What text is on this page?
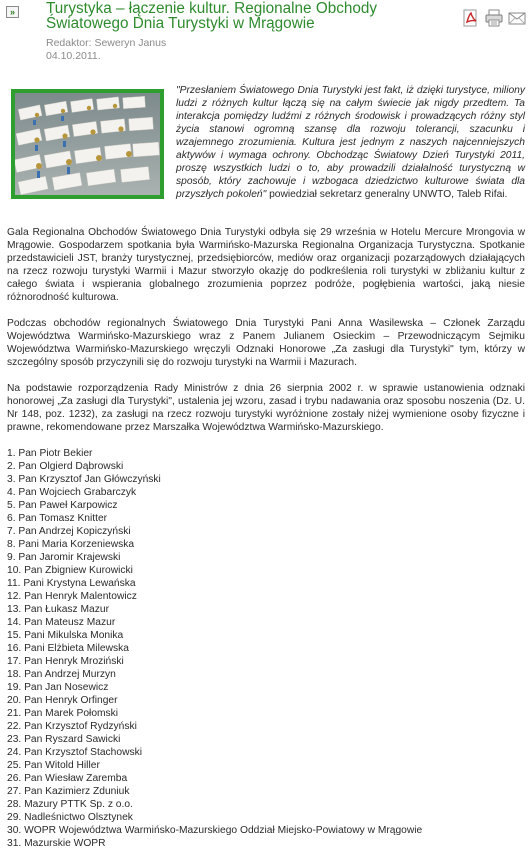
» Turystyka – łączenie kultur. Regionalne Obchody Światowego Dnia Turystyki w Mrągowie
Redaktor: Seweryn Janus
04.10.2011.

"Przesłaniem Światowego Dnia Turystyki jest fakt, iż dzięki turystyce, miliony ludzi z różnych kultur łączą się na całym świecie jak nigdy przedtem. Ta interakcja pomiędzy ludźmi z różnych środowisk i prowadzących różny styl życia stanowi ogromną szansę dla rozwoju tolerancji, szacunku i wzajemnego zrozumienia. Kultura jest jednym z naszych najcenniejszych aktywów i wymaga ochrony. Obchodząc Światowy Dzień Turystyki 2011, proszę wszystkich ludzi o to, aby prowadzili działalność turystyczną w sposób, który zachowuje i wzbogaca dziedzictwo kulturowe świata dla przyszłych pokoleń" powiedział sekretarz generalny UNWTO, Taleb Rifai.

Gala Regionalna Obchodów Światowego Dnia Turystyki odbyła się 29 września w Hotelu Mercure Mrongovia w Mrągowie. Gospodarzem spotkania była Warmińsko-Mazurska Regionalna Organizacja Turystyczna. Spotkanie przedstawicieli JST, branży turystycznej, przedsiębiorców, mediów oraz organizacji pozarządowych działających na rzecz rozwoju turystyki Warmii i Mazur stworzyło okazję do podkreślenia roli turystyki w zbliżaniu kultur z całego świata i wspierania globalnego zrozumienia poprzez podróże, pogłębienia wartości, jaką niesie różnorodność kulturowa.

Podczas obchodów regionalnych Światowego Dnia Turystyki Pani Anna Wasilewska – Członek Zarządu Województwa Warmińsko-Mazurskiego wraz z Panem Julianem Osieckim – Przewodniczącym Sejmiku Województwa Warmińsko-Mazurskiego wręczyli Odznaki Honorowe „Za zasługi dla Turystyki" tym, którzy w szczególny sposób przyczynili się do rozwoju turystyki na Warmii i Mazurach.

Na podstawie rozporządzenia Rady Ministrów z dnia 26 sierpnia 2002 r. w sprawie ustanowienia odznaki honorowej „Za zasługi dla Turystyki", ustalenia jej wzoru, zasad i trybu nadawania oraz sposobu noszenia (Dz. U. Nr 148, poz. 1232), za zasługi na rzecz rozwoju turystyki wyróżnione zostały niżej wymienione osoby fizyczne i prawne, rekomendowane przez Marszałka Województwa Warmińsko-Mazurskiego.

1. Pan Piotr Bekier
2. Pan Olgierd Dąbrowski
3. Pan Krzysztof Jan Główczyński
4. Pan Wojciech Grabarczyk
5. Pan Paweł Karpowicz
6. Pan Tomasz Knitter
7. Pan Andrzej Kopiczyński
8. Pani Maria Korzeniewska
9. Pan Jaromir Krajewski
10. Pan Zbigniew Kurowicki
11. Pani Krystyna Lewańska
12. Pan Henryk Malentowicz
13. Pan Łukasz Mazur
14. Pan Mateusz Mazur
15. Pani Mikulska Monika
16. Pani Elżbieta Milewska
17. Pan Henryk Mroziński
18. Pan Andrzej Murzyn
19. Pan Jan Nosewicz
20. Pan Henryk Orfinger
21. Pan Marek Połomski
22. Pan Krzysztof Rydzyński
23. Pan Ryszard Sawicki
24. Pan Krzysztof Stachowski
25. Pan Witold Hiller
26. Pan Wiesław Zaremba
27. Pan Kazimierz Zduniuk
28. Mazury PTTK Sp. z o.o.
29. Nadleśnictwo Olsztynek
30. WOPR Województwa Warmińsko-Mazurskiego Oddział Miejsko-Powiatowy w Mrągowie
31. Mazurskie WOPR
